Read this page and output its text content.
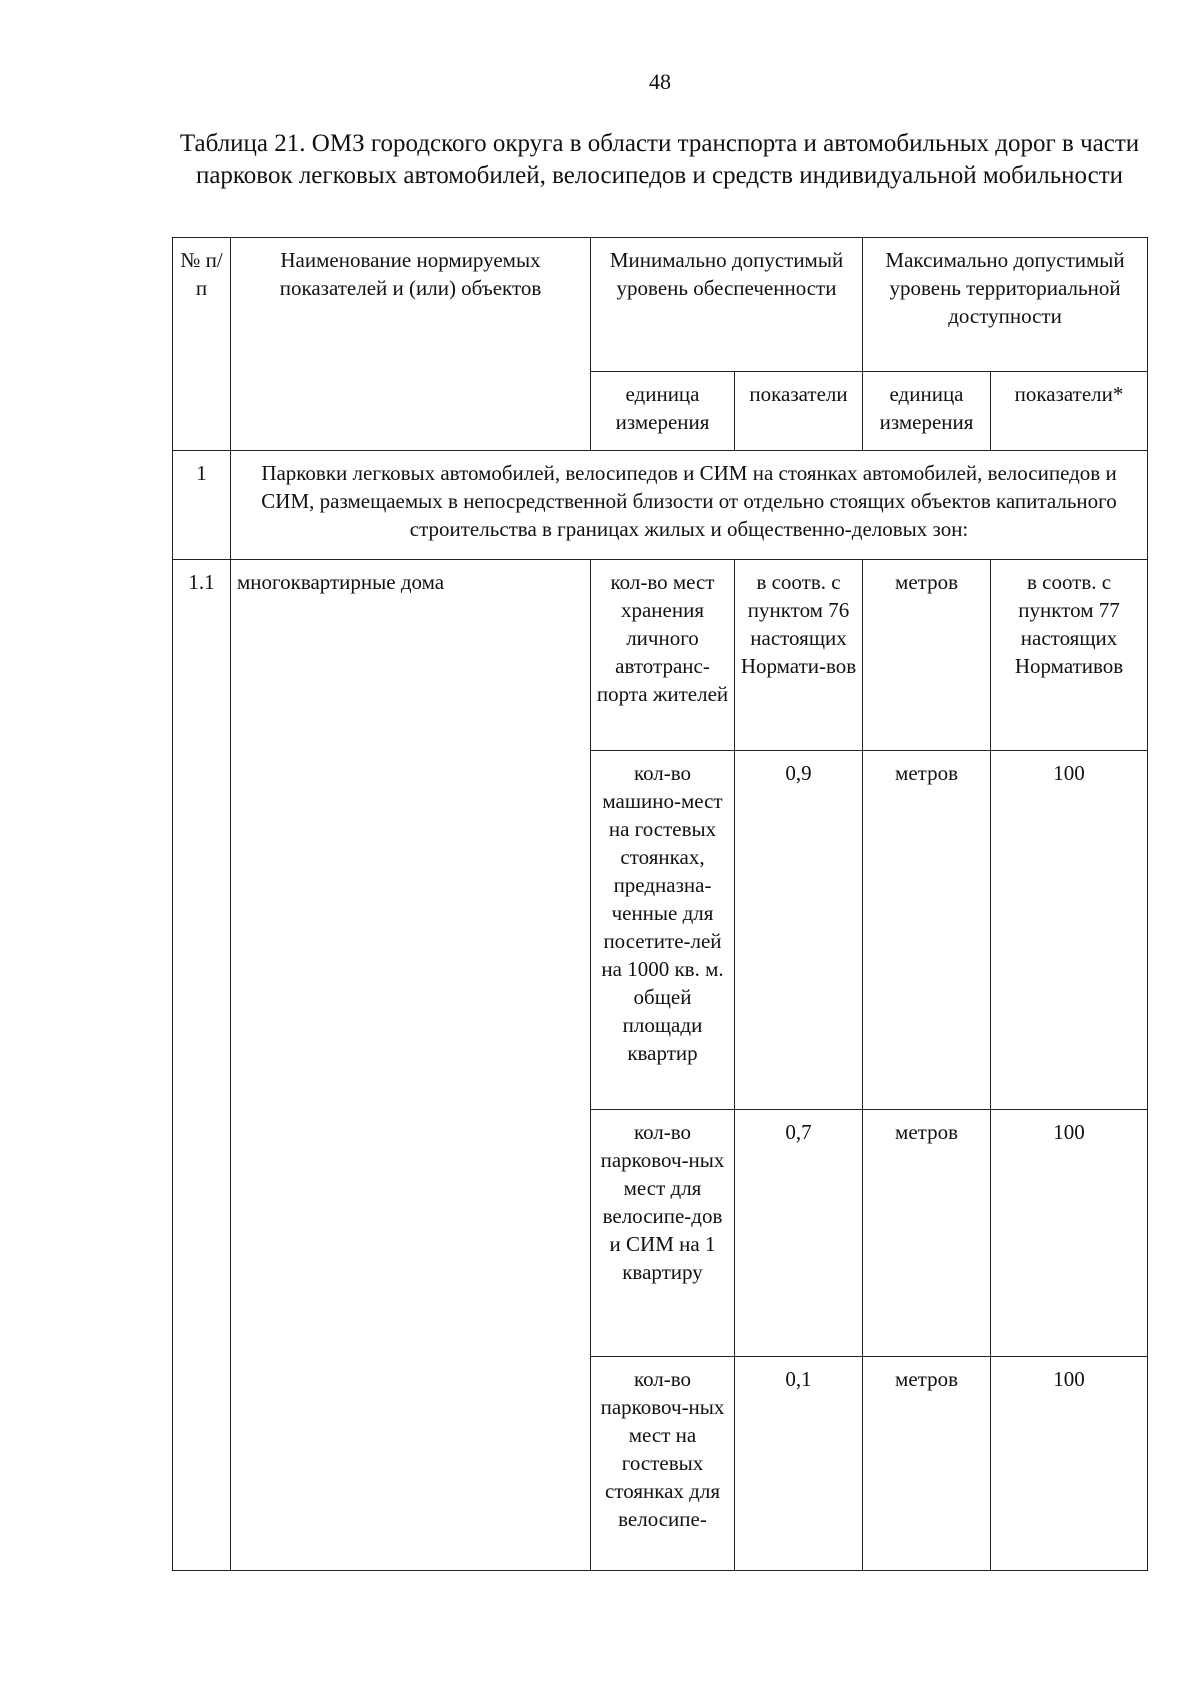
48
Таблица 21. ОМЗ городского округа в области транспорта и автомобильных дорог в части парковок легковых автомобилей, велосипедов и средств индивидуальной мобильности
№ п/п	Наименование нормируемых показателей и (или) объектов	Минимально допустимый уровень обеспеченности		Максимально допустимый уровень территориальной доступности	
		единица измерения	показатели	единица измерения	показатели*
1	Парковки легковых автомобилей, велосипедов и СИМ на стоянках автомобилей, велосипедов и СИМ, размещаемых в непосредственной близости от отдельно стоящих объектов капитального строительства в границах жилых и общественно-деловых зон:				
1.1	многоквартирные дома	кол-во мест хранения личного автотранс-порта жителей	в соотв. с пунктом 76 настоящих Нормати-вов	метров	в соотв. с пунктом 77 настоящих Нормативов
		кол-во машино-мест на гостевых стоянках, предназна-ченные для посетите-лей на 1000 кв. м. общей площади квартир	0,9	метров	100
		кол-во парковоч-ных мест для велосипе-дов и СИМ на 1 квартиру	0,7	метров	100
		кол-во парковоч-ных мест на гостевых стоянках для велосипе-	0,1	метров	100
